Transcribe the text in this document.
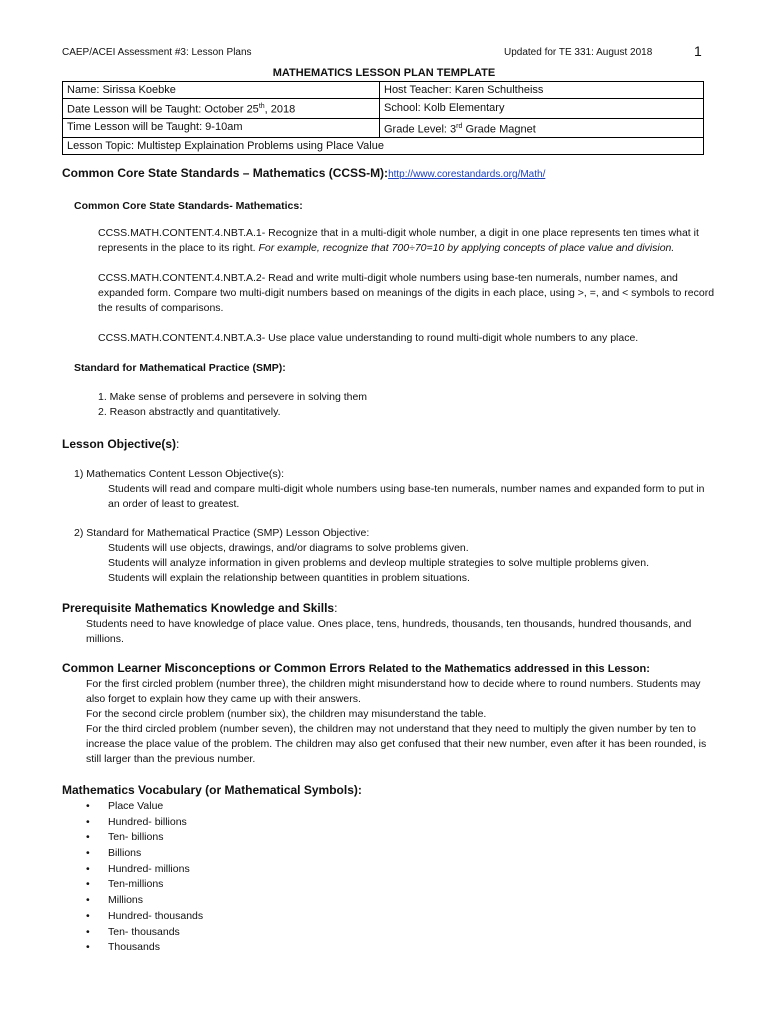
CAEP/ACEI Assessment #3: Lesson Plans	Updated for TE 331: August 2018	1
MATHEMATICS LESSON PLAN TEMPLATE
Name: Sirissa Koebke	Host Teacher: Karen Schultheiss
Date Lesson will be Taught: October 25th, 2018	School: Kolb Elementary
Time Lesson will be Taught: 9-10am	Grade Level: 3rd Grade Magnet
Lesson Topic: Multistep Explaination Problems using Place Value	
Common Core State Standards – Mathematics (CCSS-M):http://www.corestandards.org/Math/
Common Core State Standards- Mathematics:
CCSS.MATH.CONTENT.4.NBT.A.1- Recognize that in a multi-digit whole number, a digit in one place represents ten times what it
represents in the place to its right. For example, recognize that 700÷70=10 by applying concepts of place value and division.
CCSS.MATH.CONTENT.4.NBT.A.2- Read and write multi-digit whole numbers using base-ten numerals, number names, and
expanded form. Compare two multi-digit numbers based on meanings of the digits in each place, using >, =, and < symbols to record
the results of comparisons.
CCSS.MATH.CONTENT.4.NBT.A.3- Use place value understanding to round multi-digit whole numbers to any place.
Standard for Mathematical Practice (SMP):
1. Make sense of problems and persevere in solving them
2. Reason abstractly and quantitatively.
Lesson Objective(s):
1) Mathematics Content Lesson Objective(s):
Students will read and compare multi-digit whole numbers using base-ten numerals, number names and expanded form to put in
an order of least to greatest.
2) Standard for Mathematical Practice (SMP) Lesson Objective:
Students will use objects, drawings, and/or diagrams to solve problems given.
Students will analyze information in given problems and devleop multiple strategies to solve multiple problems given.
Students will explain the relationship between quantities in problem situations.
Prerequisite Mathematics Knowledge and Skills:
Students need to have knowledge of place value. Ones place, tens, hundreds, thousands, ten thousands, hundred thousands, and
millions.
Common Learner Misconceptions or Common Errors Related to the Mathematics addressed in this Lesson:
For the first circled problem (number three), the children might misunderstand how to decide where to round numbers. Students may
also forget to explain how they came up with their answers.
For the second circle problem (number six), the children may misunderstand the table.
For the third circled problem (number seven), the children may not understand that they need to multiply the given number by ten to
increase the place value of the problem. The children may also get confused that their new number, even after it has been rounded, is
still larger than the previous number.
Mathematics Vocabulary (or Mathematical Symbols):
• Place Value
• Hundred- billions
• Ten- billions
• Billions
• Hundred- millions
• Ten-millions
• Millions
• Hundred- thousands
• Ten- thousands
• Thousands
